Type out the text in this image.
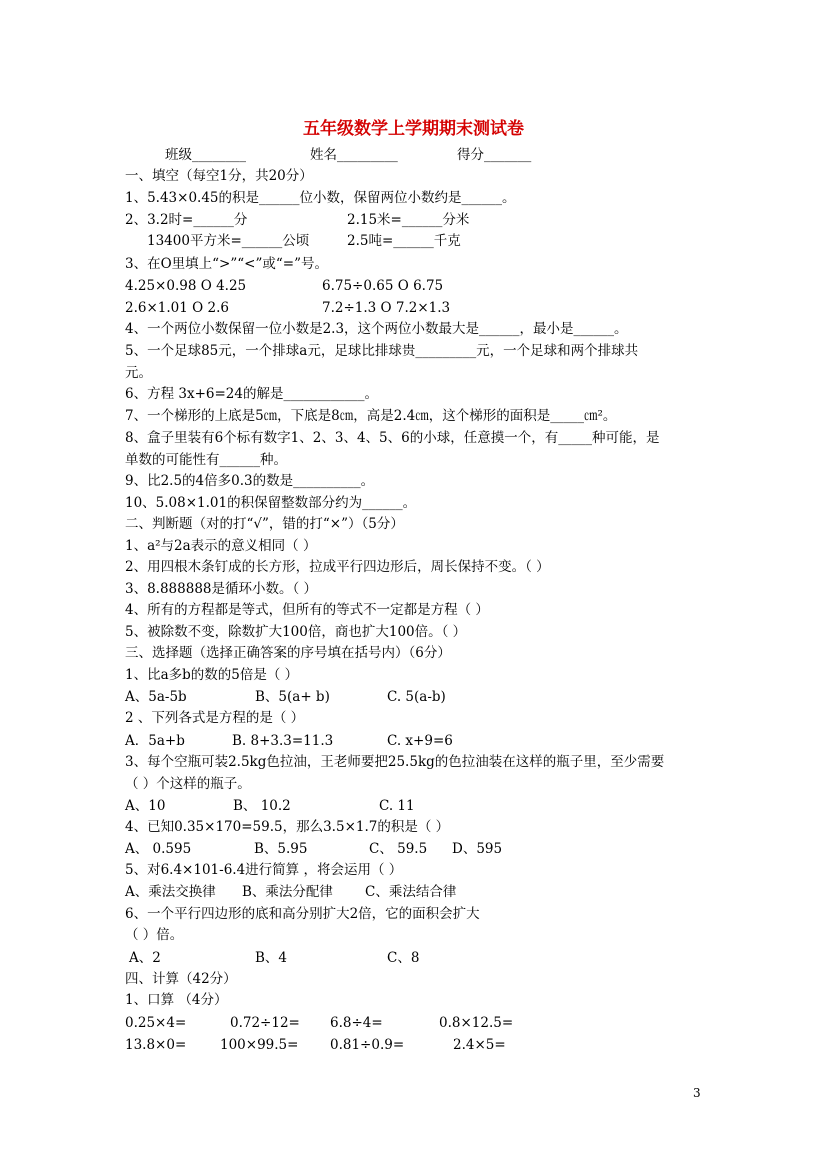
五年级数学上学期期末测试卷
班级________	姓名_________	得分_______
一、填空（每空1分，共20分）
1、5.43×0.45的积是______位小数，保留两位小数约是______。
2、3.2时=______分	2.15米=______分米
13400平方米=______公顷	2.5吨=______千克
3、在O里填上“>”“<”或“=”号。
4.25×0.98 O 4.25	6.75÷0.65 O 6.75
2.6×1.01 O 2.6	7.2÷1.3 O 7.2×1.3
4、一个两位小数保留一位小数是2.3，这个两位小数最大是______，最小是______。
5、一个足球85元，一个排球a元，足球比排球贵_________元，一个足球和两个排球共
元。
6、方程 3x+6=24的解是____________。
7、一个梯形的上底是5㎝，下底是8㎝，高是2.4㎝，这个梯形的面积是_____㎝²。
8、盒子里装有6个标有数字1、2、3、4、5、6的小球，任意摸一个，有_____种可能，是
单数的可能性有______种。
9、比2.5的4倍多0.3的数是__________。
10、5.08×1.01的积保留整数部分约为______。
二、判断题（对的打“√”，错的打“×”）（5分）
1、a²与2a表示的意义相同（ ）
2、用四根木条钉成的长方形，拉成平行四边形后，周长保持不变。（ ）
3、8.888888是循环小数。（ ）
4、所有的方程都是等式，但所有的等式不一定都是方程（ ）
5、被除数不变，除数扩大100倍，商也扩大100倍。（ ）
三、选择题（选择正确答案的序号填在括号内）（6分）
1、比a多b的数的5倍是（ ）
A、5a-5b	B、5(a+ b)	C. 5(a-b)
2 、下列各式是方程的是（ ）
A．5a+b	B. 8+3.3=11.3	C. x+9=6
3、每个空瓶可装2.5kg色拉油，王老师要把25.5kg的色拉油装在这样的瓶子里，至少需要
（ ）个这样的瓶子。
A、10	B、 10.2	C. 11
4、已知0.35×170=59.5，那么3.5×1.7的积是（ ）
A、 0.595	B、5.95	C、 59.5 D、595
5、对6.4×101-6.4进行简算 ，将会运用（ ）
A、乘法交换律 B、乘法分配律 C、乘法结合律
6、一个平行四边形的底和高分别扩大2倍，它的面积会扩大
（ ）倍。
A、2	B、4	C、8
四、计算（42分）
1、口算 （4分）
0.25×4=	0.72÷12= 6.8÷4=	0.8×12.5=
13.8×0= 100×99.5= 0.81÷0.9=	2.4×5=
3
